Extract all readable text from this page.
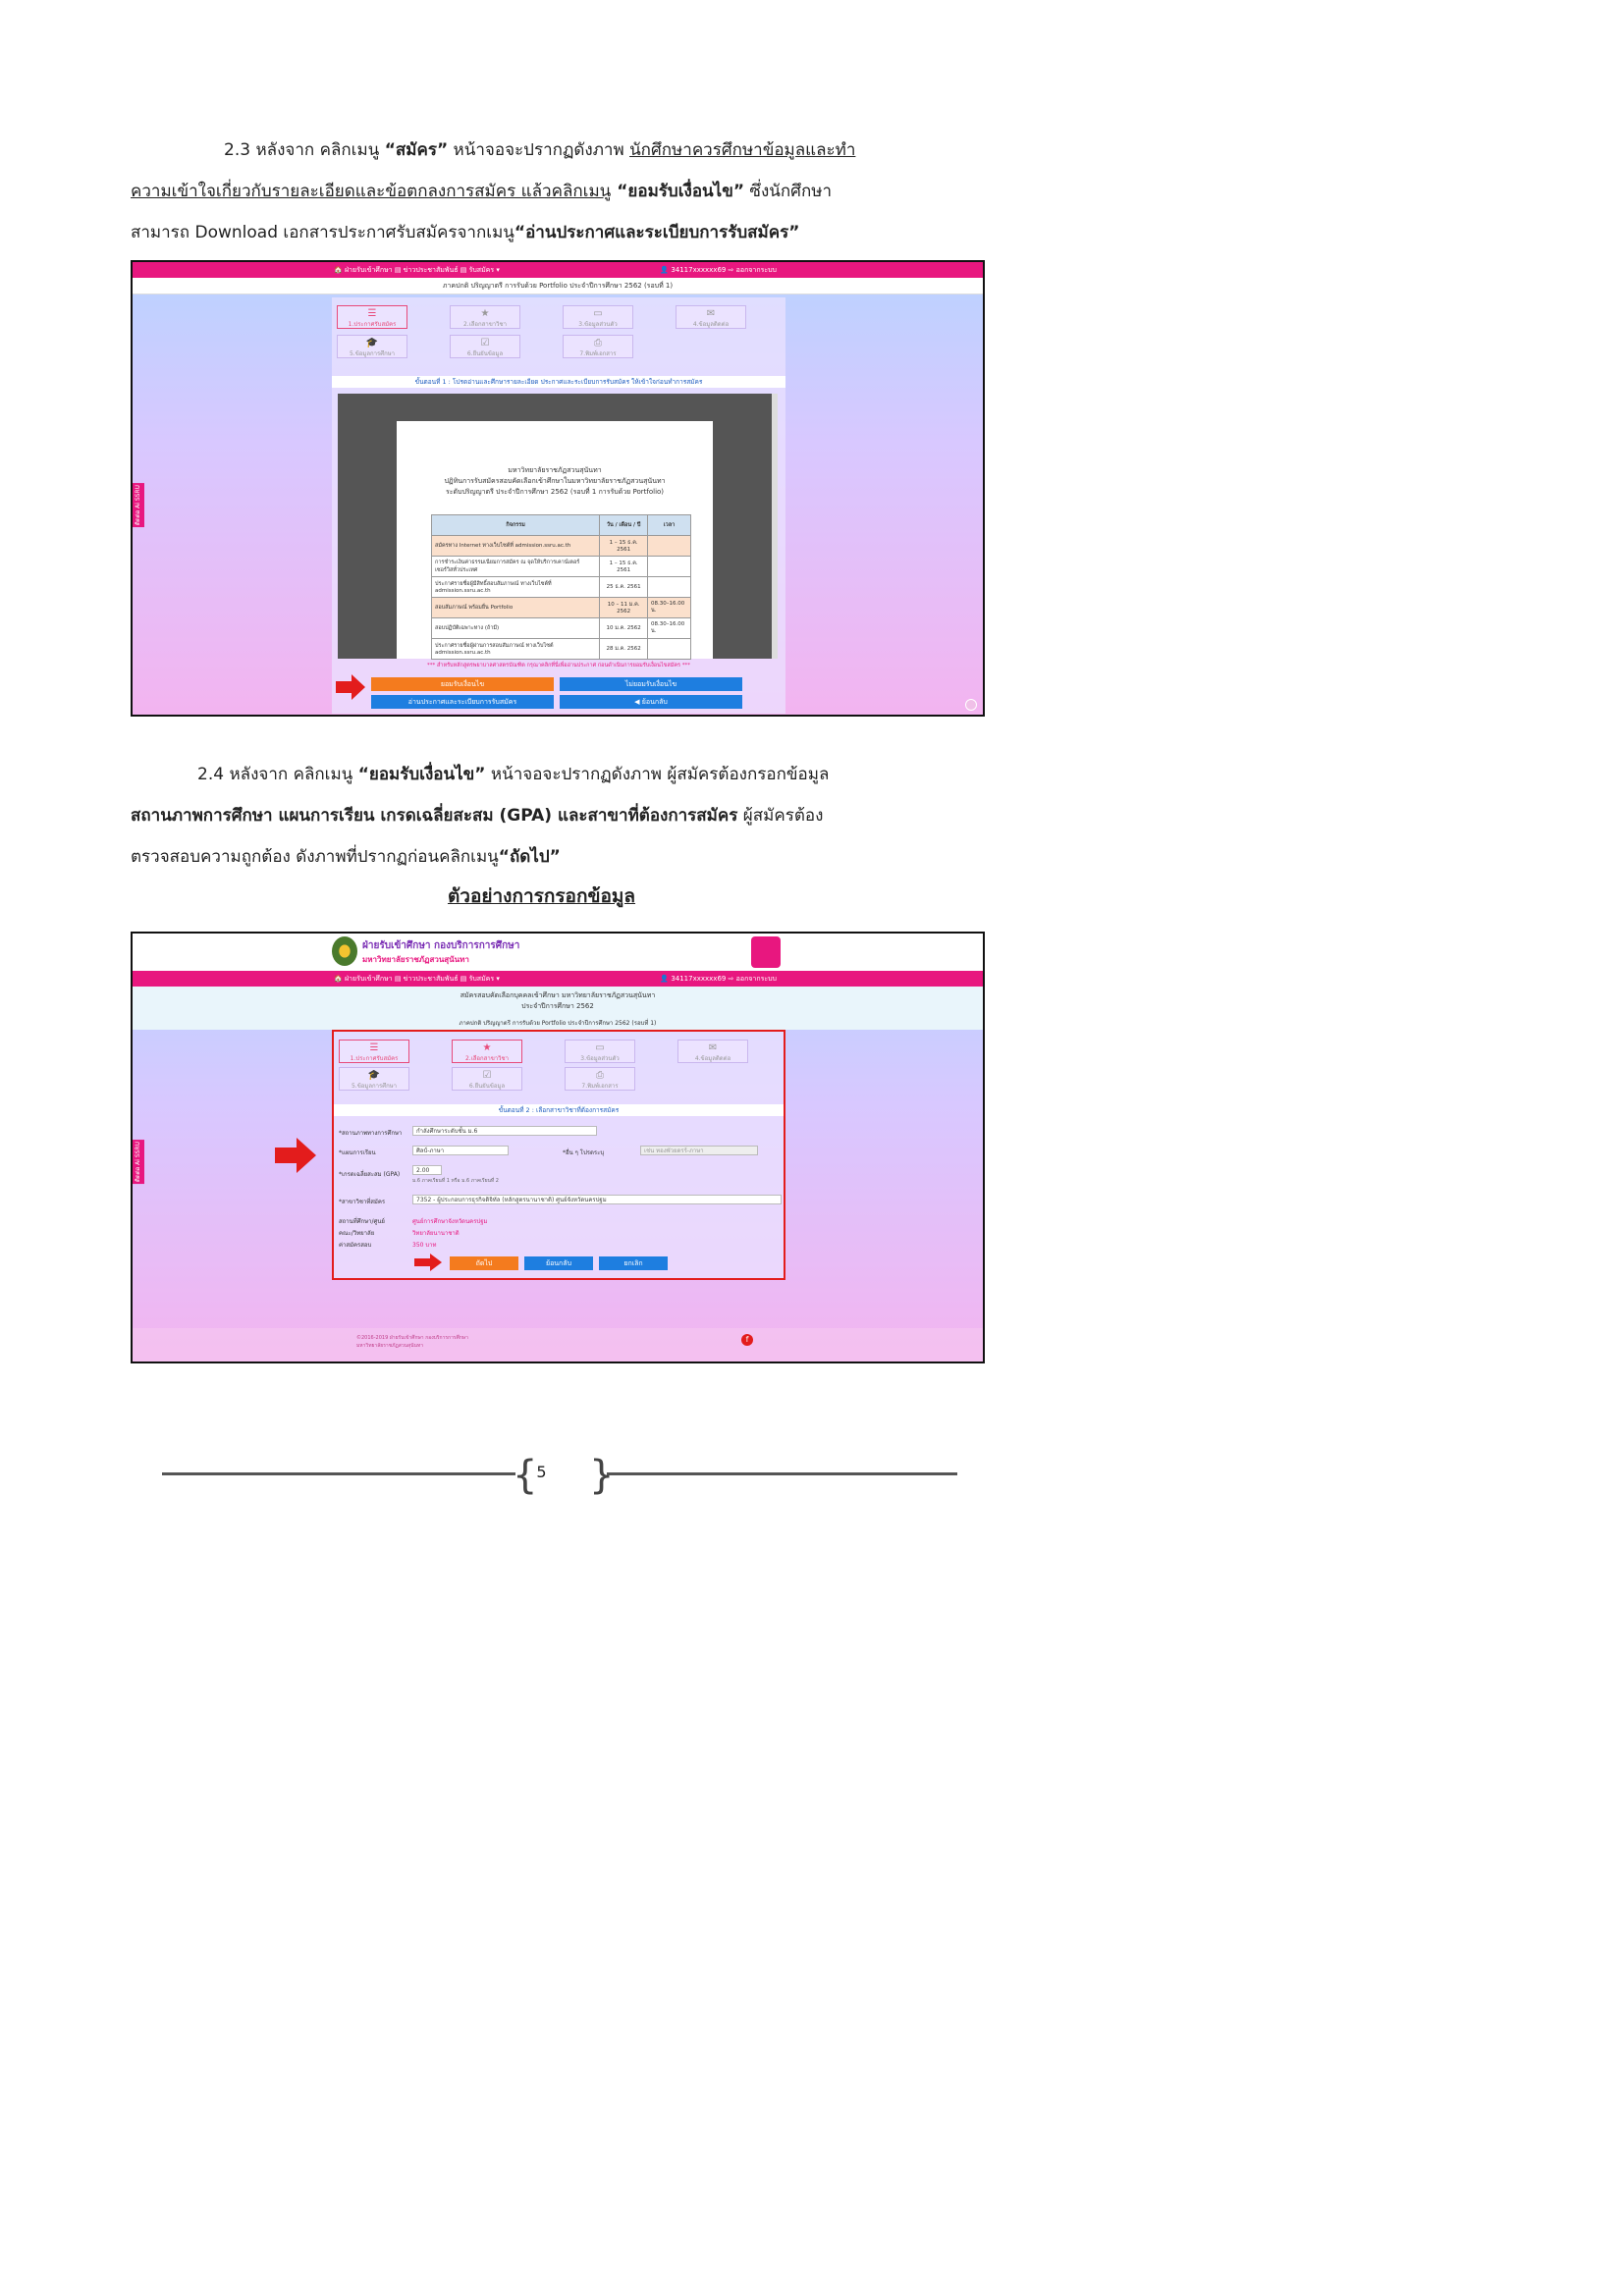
2.3 หลังจาก คลิกเมนู “สมัคร” หน้าจอจะปรากฏดังภาพ นักศึกษาควรศึกษาข้อมูลและทำ
ความเข้าใจเกี่ยวกับรายละเอียดและข้อตกลงการสมัคร แล้วคลิกเมนู “ยอมรับเงื่อนไข” ซึ่งนักศึกษา
สามารถ Download เอกสารประกาศรับสมัครจากเมนู“อ่านประกาศและระเบียบการรับสมัคร”
🏠 ฝ่ายรับเข้าศึกษา ▤ ข่าวประชาสัมพันธ์ ▤ รับสมัคร ▾	👤 34117xxxxxx69 ⇨ ออกจากระบบ
ภาคปกติ ปริญญาตรี การรับด้วย Portfolio ประจำปีการศึกษา 2562 (รอบที่ 1)
ติดต่อ Ai SSRU
☰
1.ประกาศรับสมัคร
★
2.เลือกสาขาวิชา
▭
3.ข้อมูลส่วนตัว
✉
4.ข้อมูลติดต่อ
🎓
5.ข้อมูลการศึกษา
☑
6.ยืนยันข้อมูล
⎙
7.พิมพ์เอกสาร
ขั้นตอนที่ 1 : โปรดอ่านและศึกษารายละเอียด ประกาศและระเบียบการรับสมัคร ให้เข้าใจก่อนทำการสมัคร
มหาวิทยาลัยราชภัฏสวนสุนันทา
ปฏิทินการรับสมัครสอบคัดเลือกเข้าศึกษาในมหาวิทยาลัยราชภัฏสวนสุนันทา
ระดับปริญญาตรี ประจำปีการศึกษา 2562 (รอบที่ 1 การรับด้วย Portfolio)
กิจกรรม	วัน / เดือน / ปี	เวลา
สมัครทาง Internet ทางเว็บไซต์ที่ admission.ssru.ac.th	1 – 15 ธ.ค. 2561	
การชำระเงินค่าธรรมเนียมการสมัคร ณ จุดให้บริการเคาน์เตอร์เซอร์วิสทั่วประเทศ	1 – 15 ธ.ค. 2561	
ประกาศรายชื่อผู้มีสิทธิ์สอบสัมภาษณ์ ทางเว็บไซต์ที่ admission.ssru.ac.th	25 ธ.ค. 2561	
สอบสัมภาษณ์ พร้อมยื่น Portfolio	10 – 11 ม.ค. 2562	08.30–16.00 น.
สอบปฏิบัติเฉพาะทาง (ถ้ามี)	10 ม.ค. 2562	08.30–16.00 น.
ประกาศรายชื่อผู้ผ่านการสอบสัมภาษณ์ ทางเว็บไซต์ admission.ssru.ac.th	28 ม.ค. 2562	
*** สำหรับหลักสูตรพยาบาลศาสตรบัณฑิต กรุณาคลิกที่นี่เพื่ออ่านประกาศ ก่อนดำเนินการยอมรับเงื่อนไขสมัคร ***
ยอมรับเงื่อนไข	ไม่ยอมรับเงื่อนไข
อ่านประกาศและระเบียบการรับสมัคร	◀ ย้อนกลับ
2.4 หลังจาก คลิกเมนู “ยอมรับเงื่อนไข” หน้าจอจะปรากฏดังภาพ ผู้สมัครต้องกรอกข้อมูล
สถานภาพการศึกษา แผนการเรียน เกรดเฉลี่ยสะสม (GPA) และสาขาที่ต้องการสมัคร ผู้สมัครต้อง
ตรวจสอบความถูกต้อง ดังภาพที่ปรากฏก่อนคลิกเมนู“ถัดไป”
ตัวอย่างการกรอกข้อมูล
ฝ่ายรับเข้าศึกษา กองบริการการศึกษา
มหาวิทยาลัยราชภัฏสวนสุนันทา
🏠 ฝ่ายรับเข้าศึกษา ▤ ข่าวประชาสัมพันธ์ ▤ รับสมัคร ▾	👤 34117xxxxxx69 ⇨ ออกจากระบบ
สมัครสอบคัดเลือกบุคคลเข้าศึกษา มหาวิทยาลัยราชภัฏสวนสุนันทา
ประจำปีการศึกษา 2562
ภาคปกติ ปริญญาตรี การรับด้วย Portfolio ประจำปีการศึกษา 2562 (รอบที่ 1)
ติดต่อ Ai SSRU
☰
1.ประกาศรับสมัคร
★
2.เลือกสาขาวิชา
▭
3.ข้อมูลส่วนตัว
✉
4.ข้อมูลติดต่อ
🎓
5.ข้อมูลการศึกษา
☑
6.ยืนยันข้อมูล
⎙
7.พิมพ์เอกสาร
ขั้นตอนที่ 2 : เลือกสาขาวิชาที่ต้องการสมัคร
*สถานภาพทางการศึกษา	กำลังศึกษาระดับชั้น ม.6
*แผนการเรียน	ศิลป์-ภาษา	*อื่น ๆ โปรดระบุ	เช่น ทองพัวยดรร์-ภาษา
*เกรดเฉลี่ยสะสม (GPA)
2.00
ม.6 ภาคเรียนที่ 1 หรือ ม.6 ภาคเรียนที่ 2
*สาขาวิชาที่สมัคร	7352 - ผู้ประกอบการธุรกิจดิจิทัล (หลักสูตรนานาชาติ) ศูนย์จังหวัดนครปฐม
สถานที่ศึกษา/ศูนย์	ศูนย์การศึกษาจังหวัดนครปฐม
คณะ/วิทยาลัย	วิทยาลัยนานาชาติ
ค่าสมัครสอบ	350 บาท
ถัดไป	ย้อนกลับ	ยกเลิก
©2016-2019 ฝ่ายรับเข้าศึกษา กองบริการการศึกษา
มหาวิทยาลัยราชภัฏสวนสุนันทา
f
{ }
5
